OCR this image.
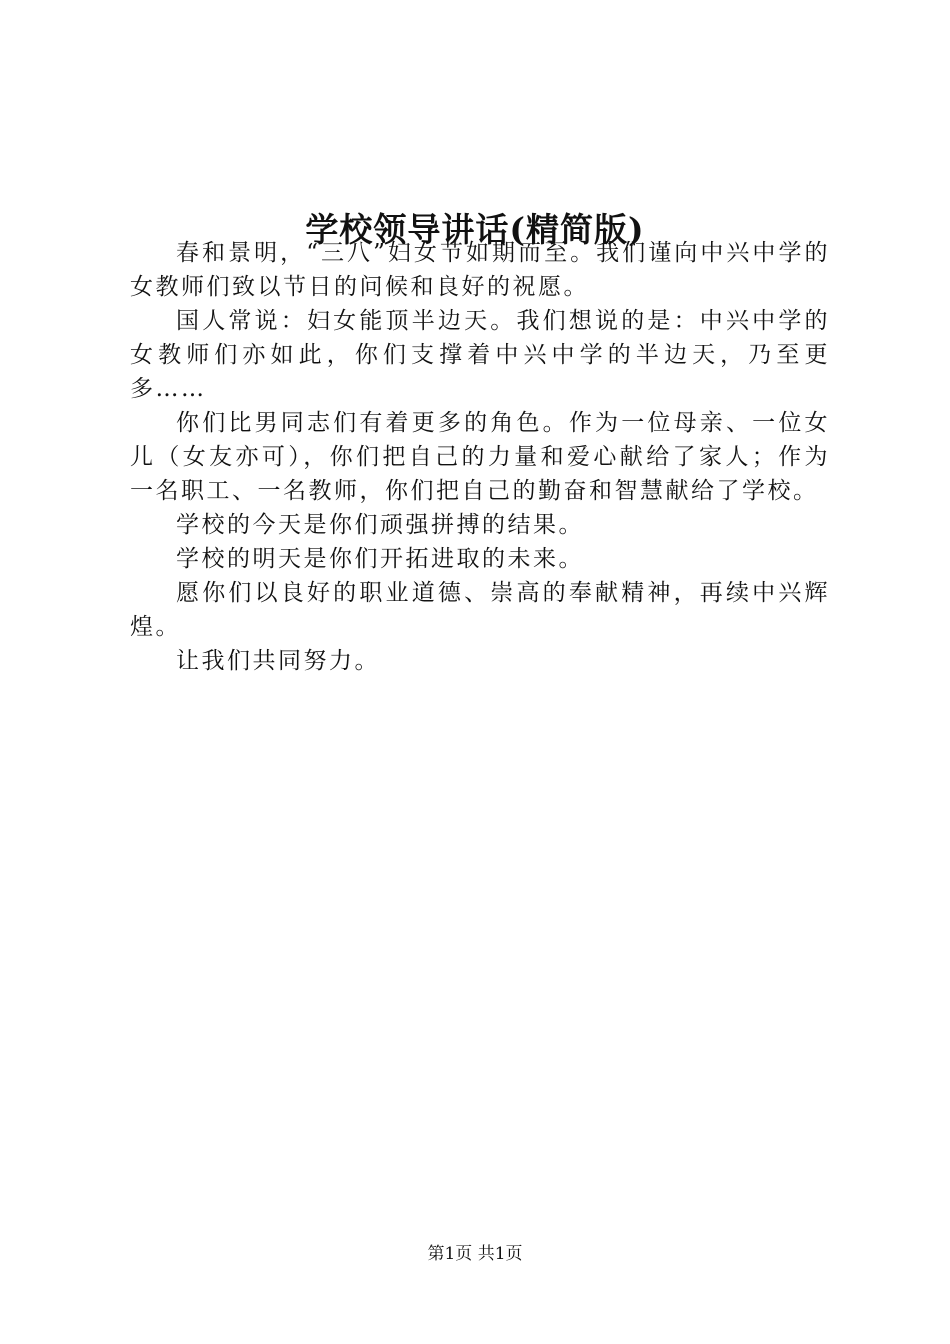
学校领导讲话(精简版)

春和景明，“三八”妇女节如期而至。我们谨向中兴中学的女教师们致以节日的问候和良好的祝愿。

国人常说：妇女能顶半边天。我们想说的是：中兴中学的女教师们亦如此，你们支撑着中兴中学的半边天，乃至更多……

你们比男同志们有着更多的角色。作为一位母亲、一位女儿（女友亦可），你们把自己的力量和爱心献给了家人；作为一名职工、一名教师，你们把自己的勤奋和智慧献给了学校。

学校的今天是你们顽强拼搏的结果。

学校的明天是你们开拓进取的未来。

愿你们以良好的职业道德、崇高的奉献精神，再续中兴辉煌。

让我们共同努力。

第1页 共1页
